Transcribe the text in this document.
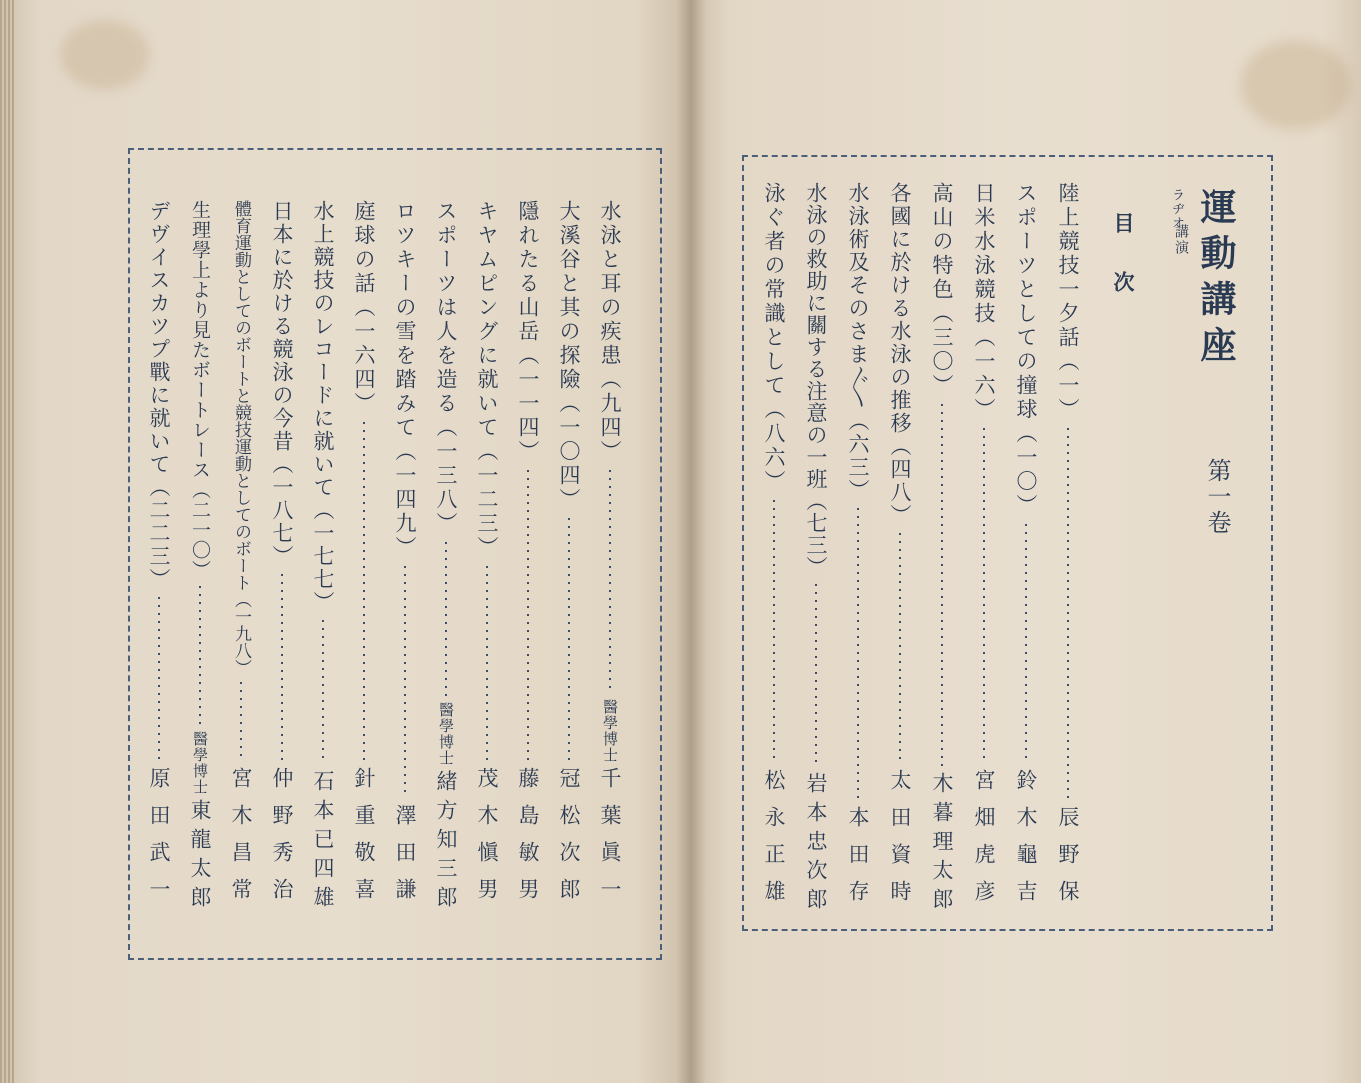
ラヂオ
講演 運動講座
第一卷
目次
陸上競技一夕話（一）
辰野保
スポーツとしての撞球（一〇）
鈴木龜吉
日米水泳競技（一六）
宮畑虎彦
高山の特色（三〇）
木暮理太郎
各國に於ける水泳の推移（四八）
太田資時
水泳術及そのさま〴〵（六三）
本田存
水泳の救助に關する注意の一班（七三）
岩本忠次郎
泳ぐ者の常識として（八六）
松永正雄
水泳と耳の疾患（九四）
醫學博士
千葉眞一
大溪谷と其の探險（一〇四）
冠松次郎
隱れたる山岳（一一四）
藤島敏男
キヤムピングに就いて（一二三）
茂木愼男
スポーツは人を造る（一三八）
醫學博士
緒方知三郎
ロツキーの雪を踏みて（一四九）
澤田謙
庭球の話（一六四）
針重敬喜
水上競技のレコードに就いて（一七七）
石本已四雄
日本に於ける競泳の今昔（一八七）
仲野秀治
體育運動としてのボートと競技運動としてのボート（一九八）
宮木昌常
生理學上より見たボートレース（二一〇）
醫學博士
東龍太郎
デヴイスカツプ戰に就いて（二二三）
原田武一
